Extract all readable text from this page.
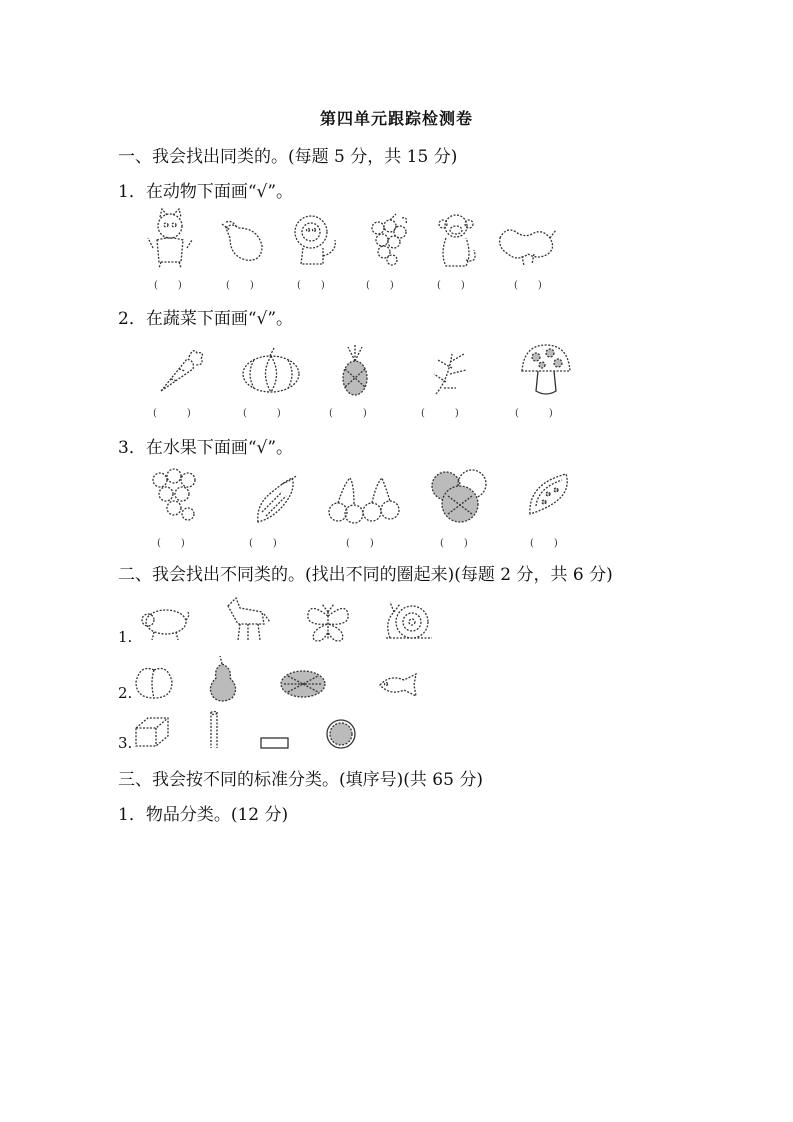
第四单元跟踪检测卷
一、我会找出同类的。(每题 5 分，共 15 分)
1．在动物下面画“√”。
(　　)	(　　)	(　　)	(　　)	(　　)	(　　)
2．在蔬菜下面画“√”。
(　　　)	(　　　)	(　　　)	(　　　)	(　　　)
3．在水果下面画“√”。
(　　)	(　　)	(　　)	(　　)	(　　)
二、我会找出不同类的。(找出不同的圈起来)(每题 2 分，共 6 分)
1.
2.
3.
三、我会按不同的标准分类。(填序号)(共 65 分)
1．物品分类。(12 分)
